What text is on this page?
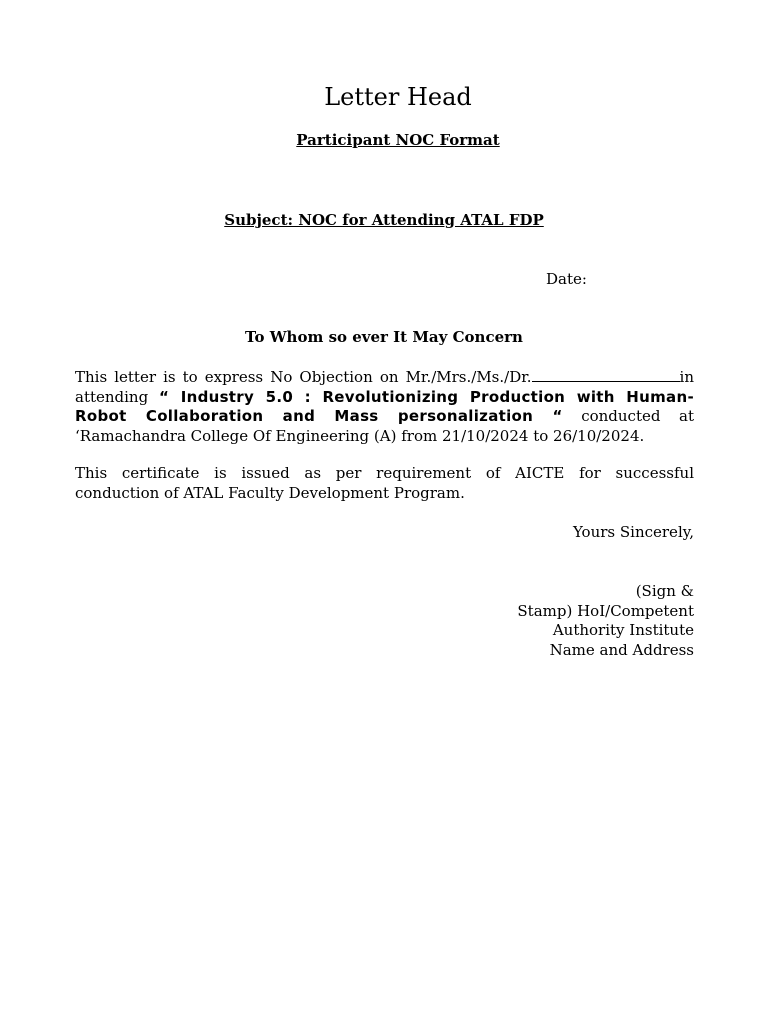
Letter Head
Participant NOC Format
Subject: NOC for Attending ATAL FDP
Date:
To Whom so ever It May Concern
This letter is to express No Objection on Mr./Mrs./Ms./Dr.	in
attending “ Industry 5.0 : Revolutionizing Production with Human-
Robot Collaboration and Mass personalization “ conducted at
‘Ramachandra College Of Engineering (A) from 21/10/2024 to 26/10/2024.
This certificate is issued as per requirement of AICTE for successful
conduction of ATAL Faculty Development Program.
Yours Sincerely,
(Sign &
Stamp) HoI/Competent
Authority Institute
Name and Address
